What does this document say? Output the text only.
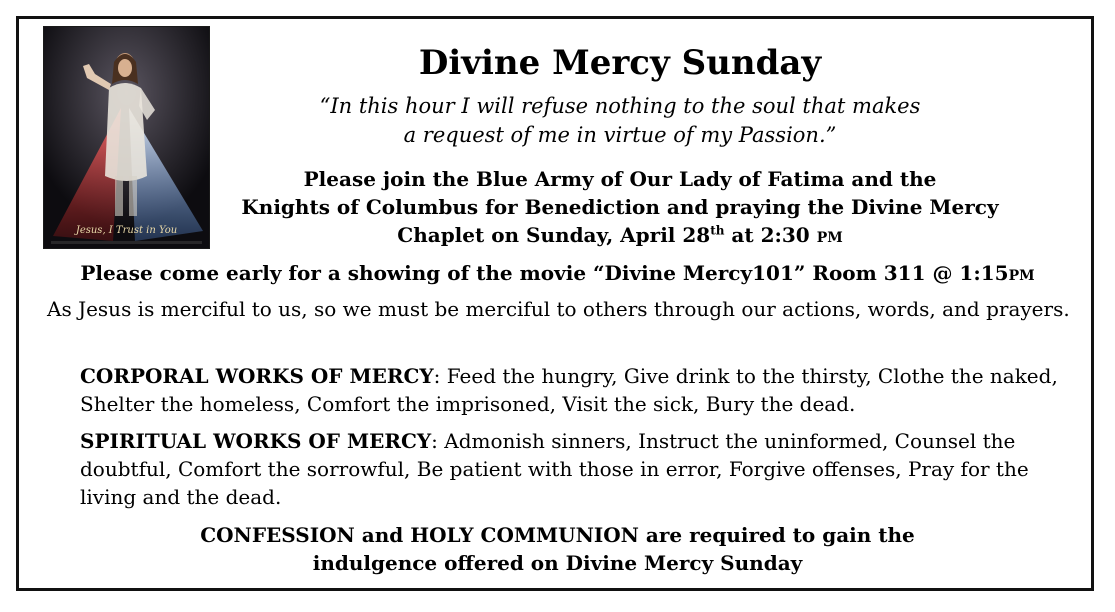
Jesus, I Trust in You
Divine Mercy Sunday
“In this hour I will refuse nothing to the soul that makes
a request of me in virtue of my Passion.”
Please join the Blue Army of Our Lady of Fatima and the
Knights of Columbus for Benediction and praying the Divine Mercy
Chaplet on Sunday, April 28th at 2:30 pm
Please come early for a showing of the movie “Divine Mercy101” Room 311 @ 1:15pm
As Jesus is merciful to us, so we must be merciful to others through our actions, words, and prayers.
CORPORAL WORKS OF MERCY: Feed the hungry, Give drink to the thirsty, Clothe the naked, Shelter the homeless, Comfort the imprisoned, Visit the sick, Bury the dead.
SPIRITUAL WORKS OF MERCY: Admonish sinners, Instruct the uninformed, Counsel the doubtful, Comfort the sorrowful, Be patient with those in error, Forgive offenses, Pray for the living and the dead.
CONFESSION and HOLY COMMUNION are required to gain the
indulgence offered on Divine Mercy Sunday
